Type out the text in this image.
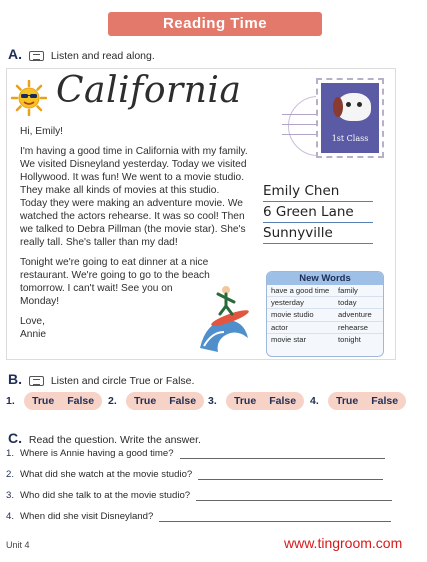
Reading Time
A.	Listen and read along.
California

Hi, Emily!

I'm having a good time in California with my family. We visited Disneyland yesterday. Today we visited Hollywood. It was fun! We went to a movie studio. They make all kinds of movies at this studio. Today they were making an adventure movie. We watched the actors rehearse. It was so cool! Then we talked to Debra Pillman (the movie star). She's really tall. She's taller than my dad!

Tonight we're going to eat dinner at a nice restaurant. We're going to go to the beach tomorrow. I can't wait! See you on Monday!

Love,
Annie

1st Class
Emily Chen
6 Green Lane
Sunnyville
New Words
have a good time	family
yesterday	today
movie studio	adventure
actor	rehearse
movie star	tonight
B.	Listen and circle True or False.
1.	True False 2.	True False 3.	True False 4.	True False
C. Read the question. Write the answer.
1. Where is Annie having a good time?
2. What did she watch at the movie studio?
3. Who did she talk to at the movie studio?
4. When did she visit Disneyland?
Unit 4	www.tingroom.com
